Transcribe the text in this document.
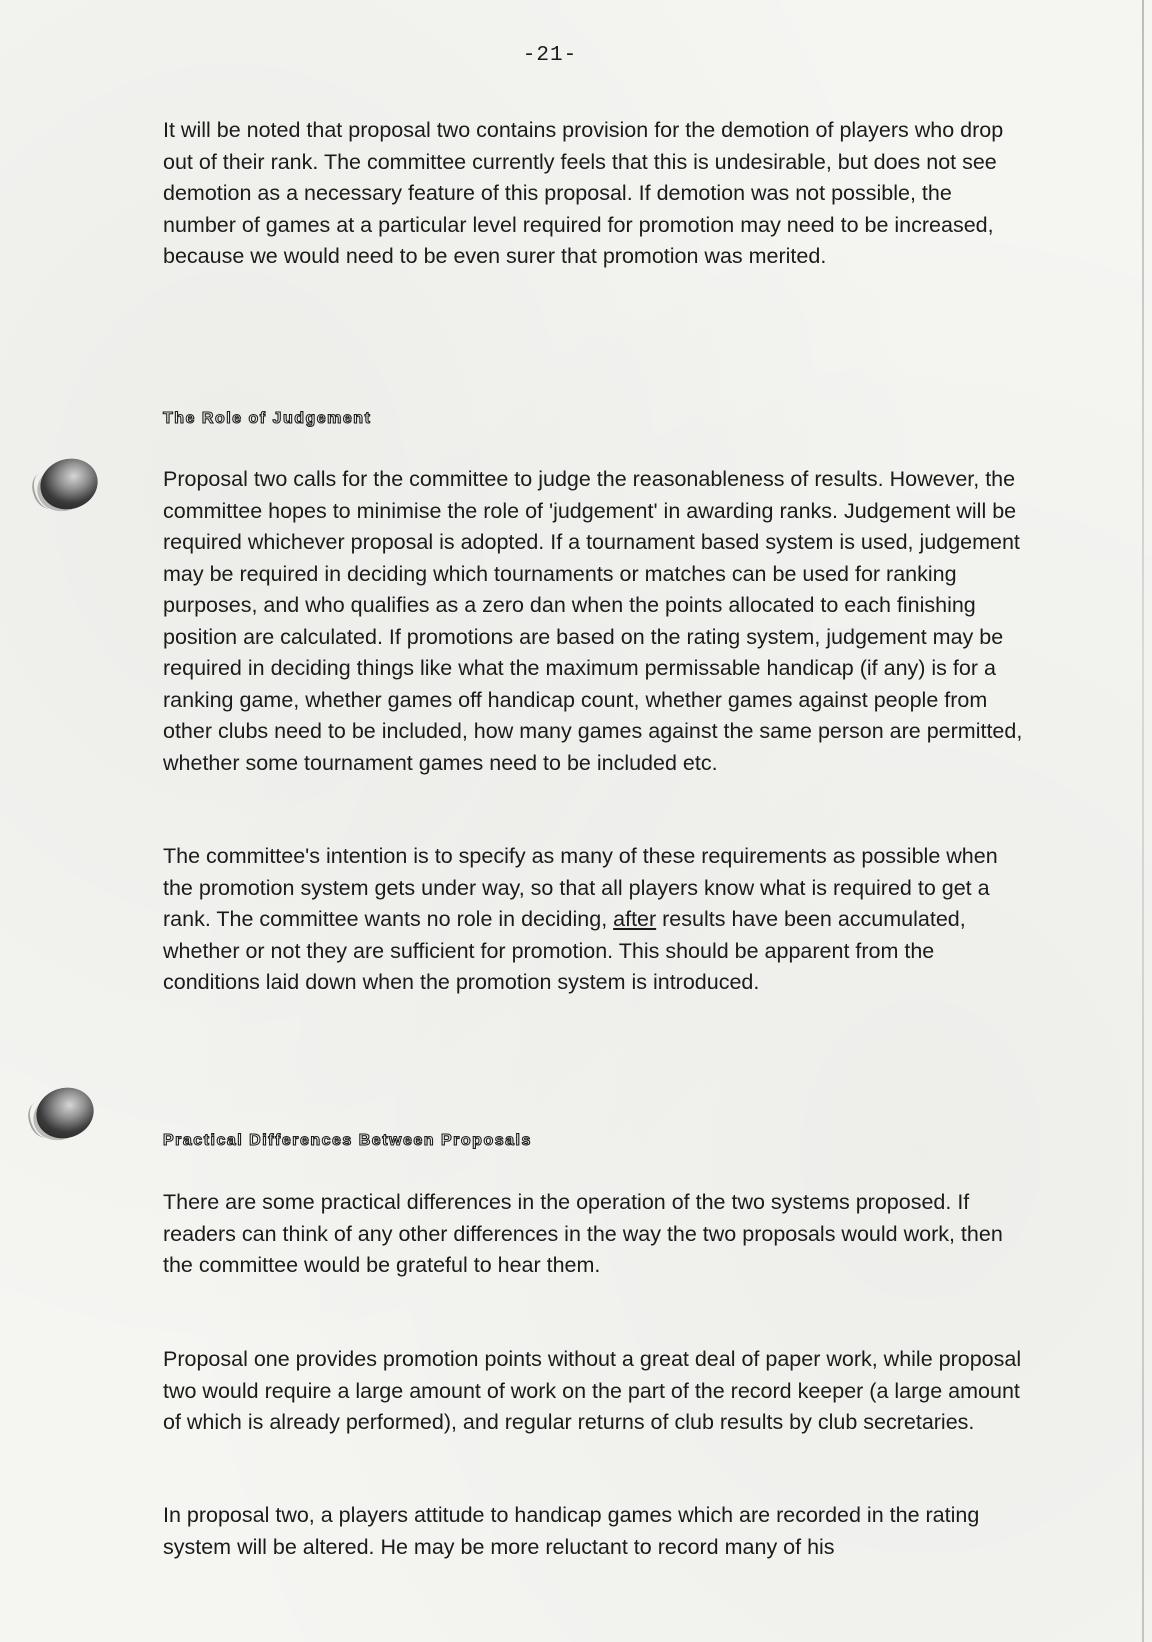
-21-

It will be noted that proposal two contains provision for the demotion of players who drop out of their rank. The committee currently feels that this is undesirable, but does not see demotion as a necessary feature of this proposal. If demotion was not possible, the number of games at a particular level required for promotion may need to be increased, because we would need to be even surer that promotion was merited.

The Role of Judgement

Proposal two calls for the committee to judge the reasonableness of results. However, the committee hopes to minimise the role of 'judgement' in awarding ranks. Judgement will be required whichever proposal is adopted. If a tournament based system is used, judgement may be required in deciding which tournaments or matches can be used for ranking purposes, and who qualifies as a zero dan when the points allocated to each finishing position are calculated. If promotions are based on the rating system, judgement may be required in deciding things like what the maximum permissable handicap (if any) is for a ranking game, whether games off handicap count, whether games against people from other clubs need to be included, how many games against the same person are permitted, whether some tournament games need to be included etc.

The committee's intention is to specify as many of these requirements as possible when the promotion system gets under way, so that all players know what is required to get a rank. The committee wants no role in deciding, after results have been accumulated, whether or not they are sufficient for promotion. This should be apparent from the conditions laid down when the promotion system is introduced.

Practical Differences Between Proposals

There are some practical differences in the operation of the two systems proposed. If readers can think of any other differences in the way the two proposals would work, then the committee would be grateful to hear them.

Proposal one provides promotion points without a great deal of paper work, while proposal two would require a large amount of work on the part of the record keeper (a large amount of which is already performed), and regular returns of club results by club secretaries.

In proposal two, a players attitude to handicap games which are recorded in the rating system will be altered. He may be more reluctant to record many of his
